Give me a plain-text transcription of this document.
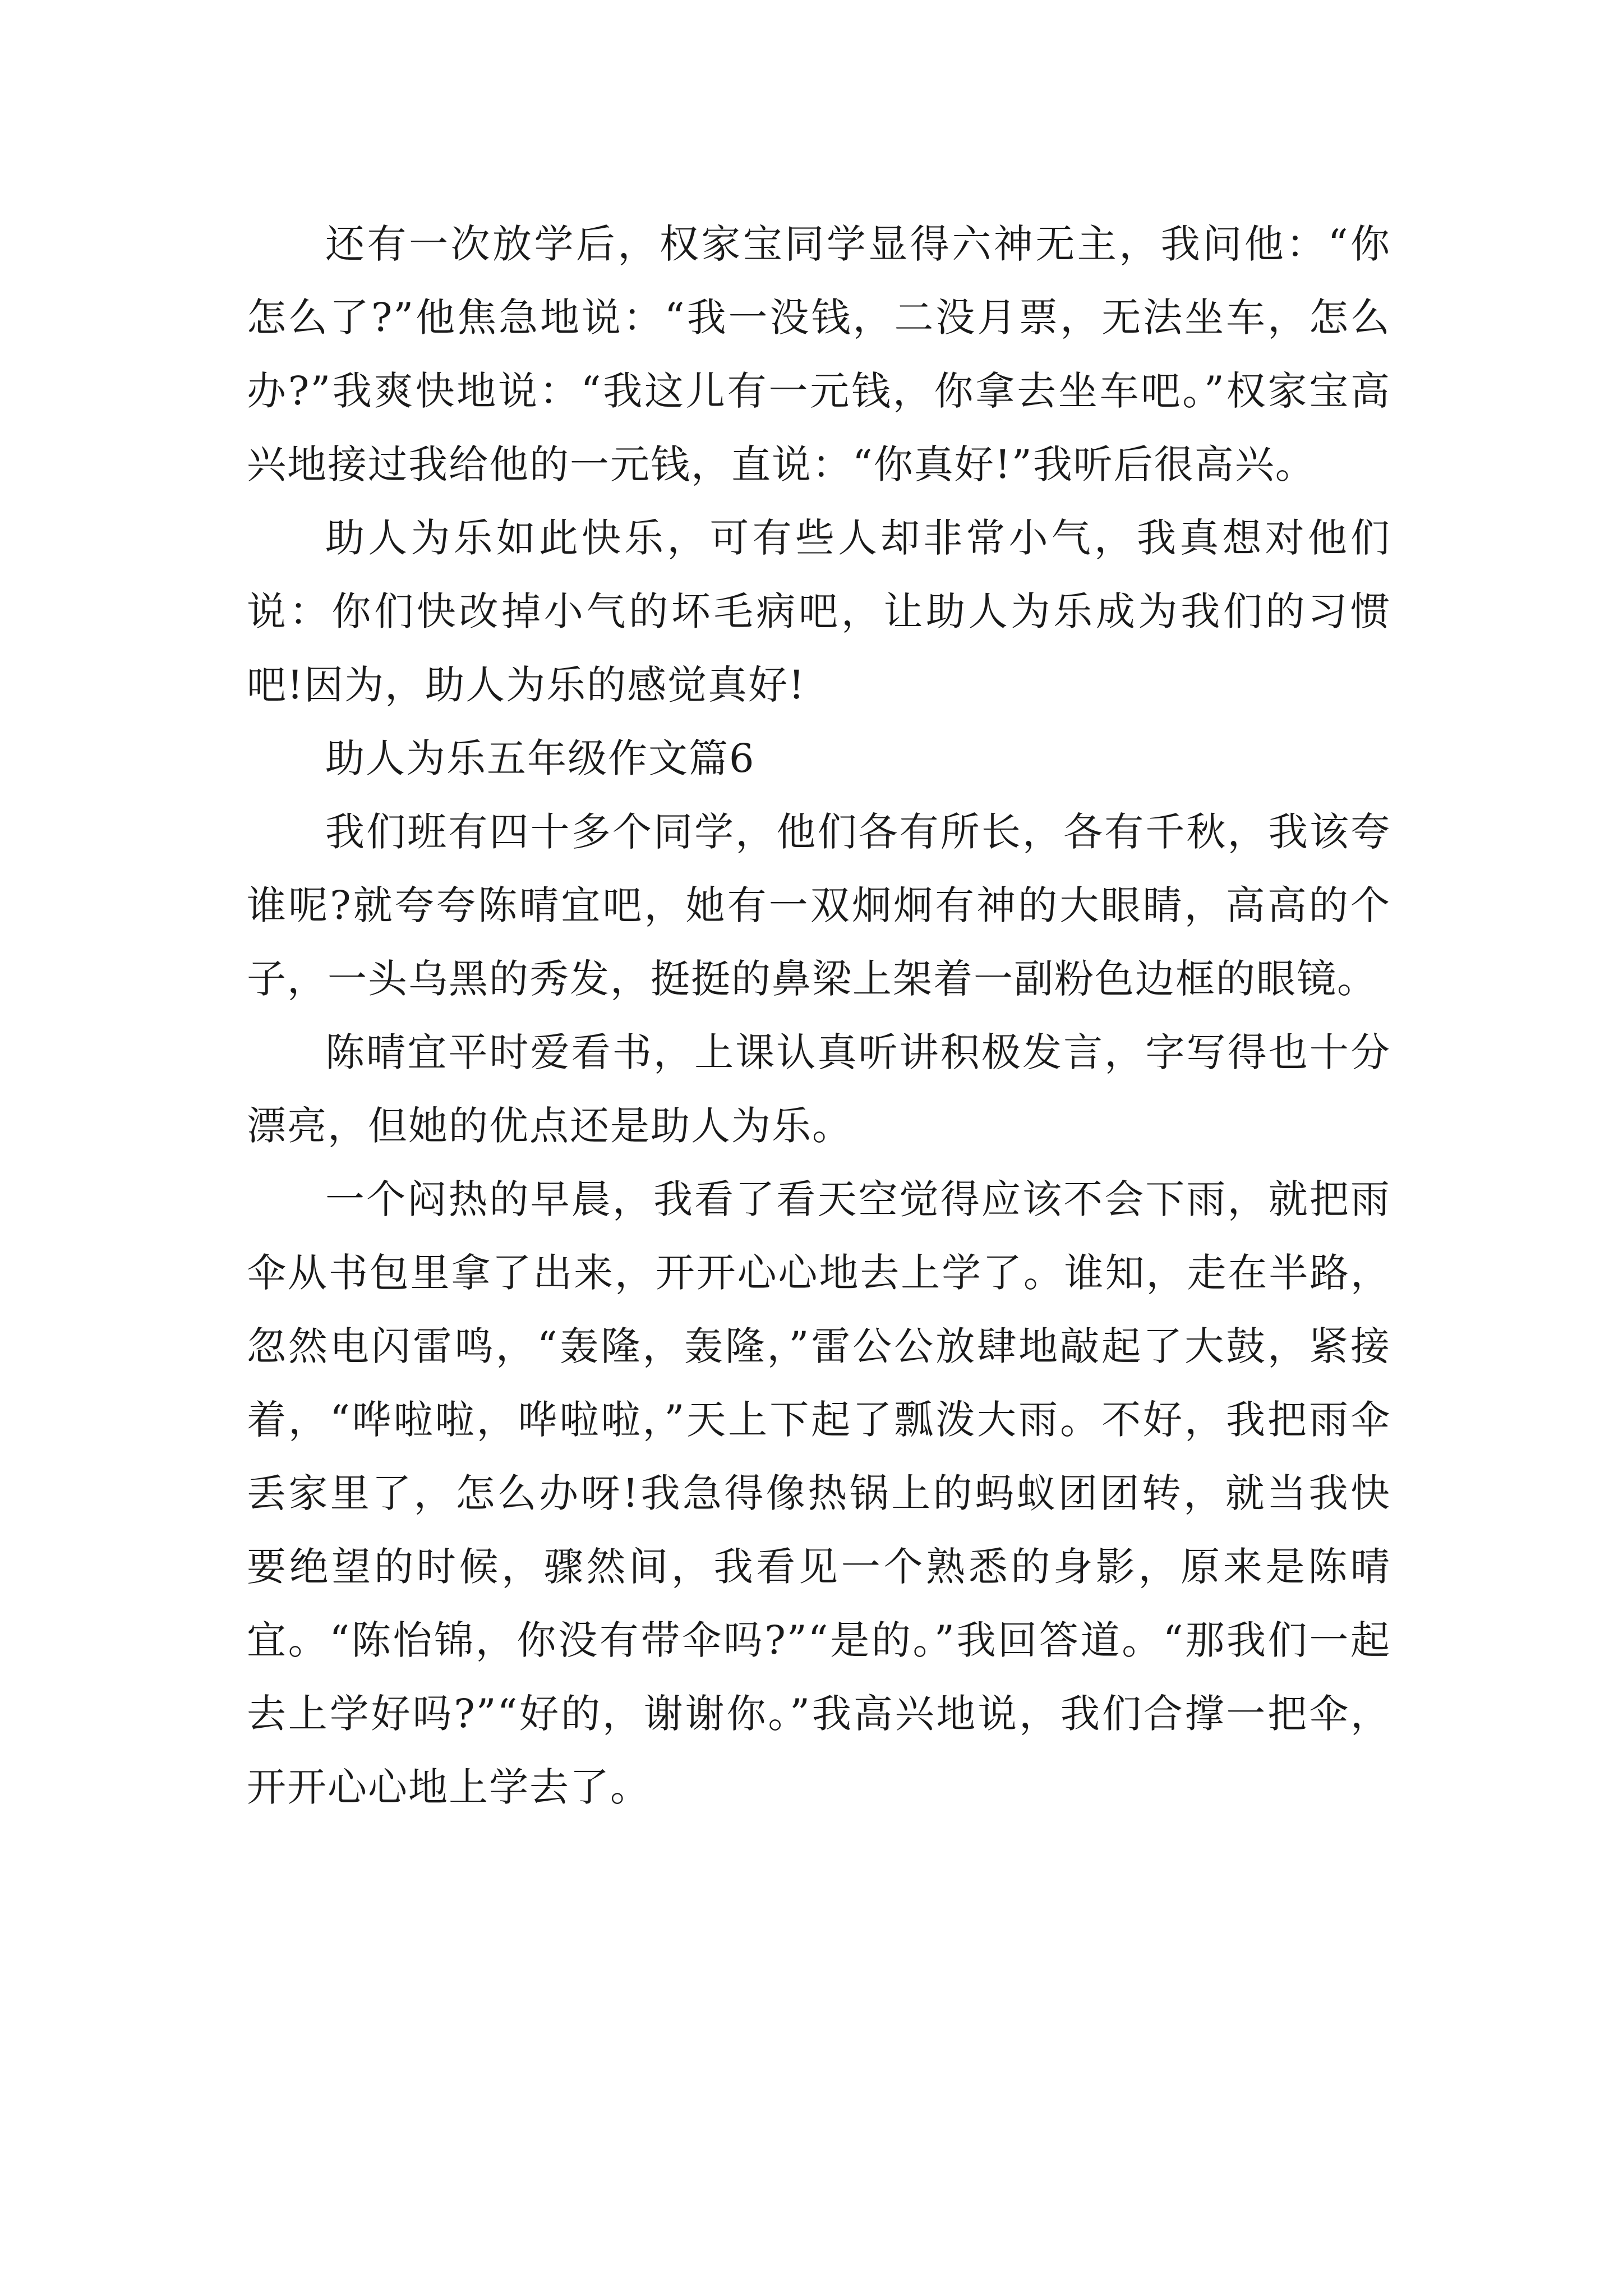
还有一次放学后，权家宝同学显得六神无主，我问他：“你怎么了?”他焦急地说：“我一没钱，二没月票，无法坐车，怎么办?”我爽快地说：“我这儿有一元钱，你拿去坐车吧。”权家宝高兴地接过我给他的一元钱，直说：“你真好!”我听后很高兴。

助人为乐如此快乐，可有些人却非常小气，我真想对他们说：你们快改掉小气的坏毛病吧，让助人为乐成为我们的习惯吧!因为，助人为乐的感觉真好!

助人为乐五年级作文篇6

我们班有四十多个同学，他们各有所长，各有千秋，我该夸谁呢?就夸夸陈晴宜吧，她有一双炯炯有神的大眼睛，高高的个子，一头乌黑的秀发，挺挺的鼻梁上架着一副粉色边框的眼镜。

陈晴宜平时爱看书，上课认真听讲积极发言，字写得也十分漂亮，但她的优点还是助人为乐。

一个闷热的早晨，我看了看天空觉得应该不会下雨，就把雨伞从书包里拿了出来，开开心心地去上学了。谁知，走在半路，忽然电闪雷鸣，“轰隆，轰隆，”雷公公放肆地敲起了大鼓，紧接着，“哗啦啦，哗啦啦，”天上下起了瓢泼大雨。不好，我把雨伞丢家里了，怎么办呀!我急得像热锅上的蚂蚁团团转，就当我快要绝望的时候，骤然间，我看见一个熟悉的身影，原来是陈晴宜。“陈怡锦，你没有带伞吗?”“是的。”我回答道。“那我们一起去上学好吗?”“好的，谢谢你。”我高兴地说，我们合撑一把伞，开开心心地上学去了。
